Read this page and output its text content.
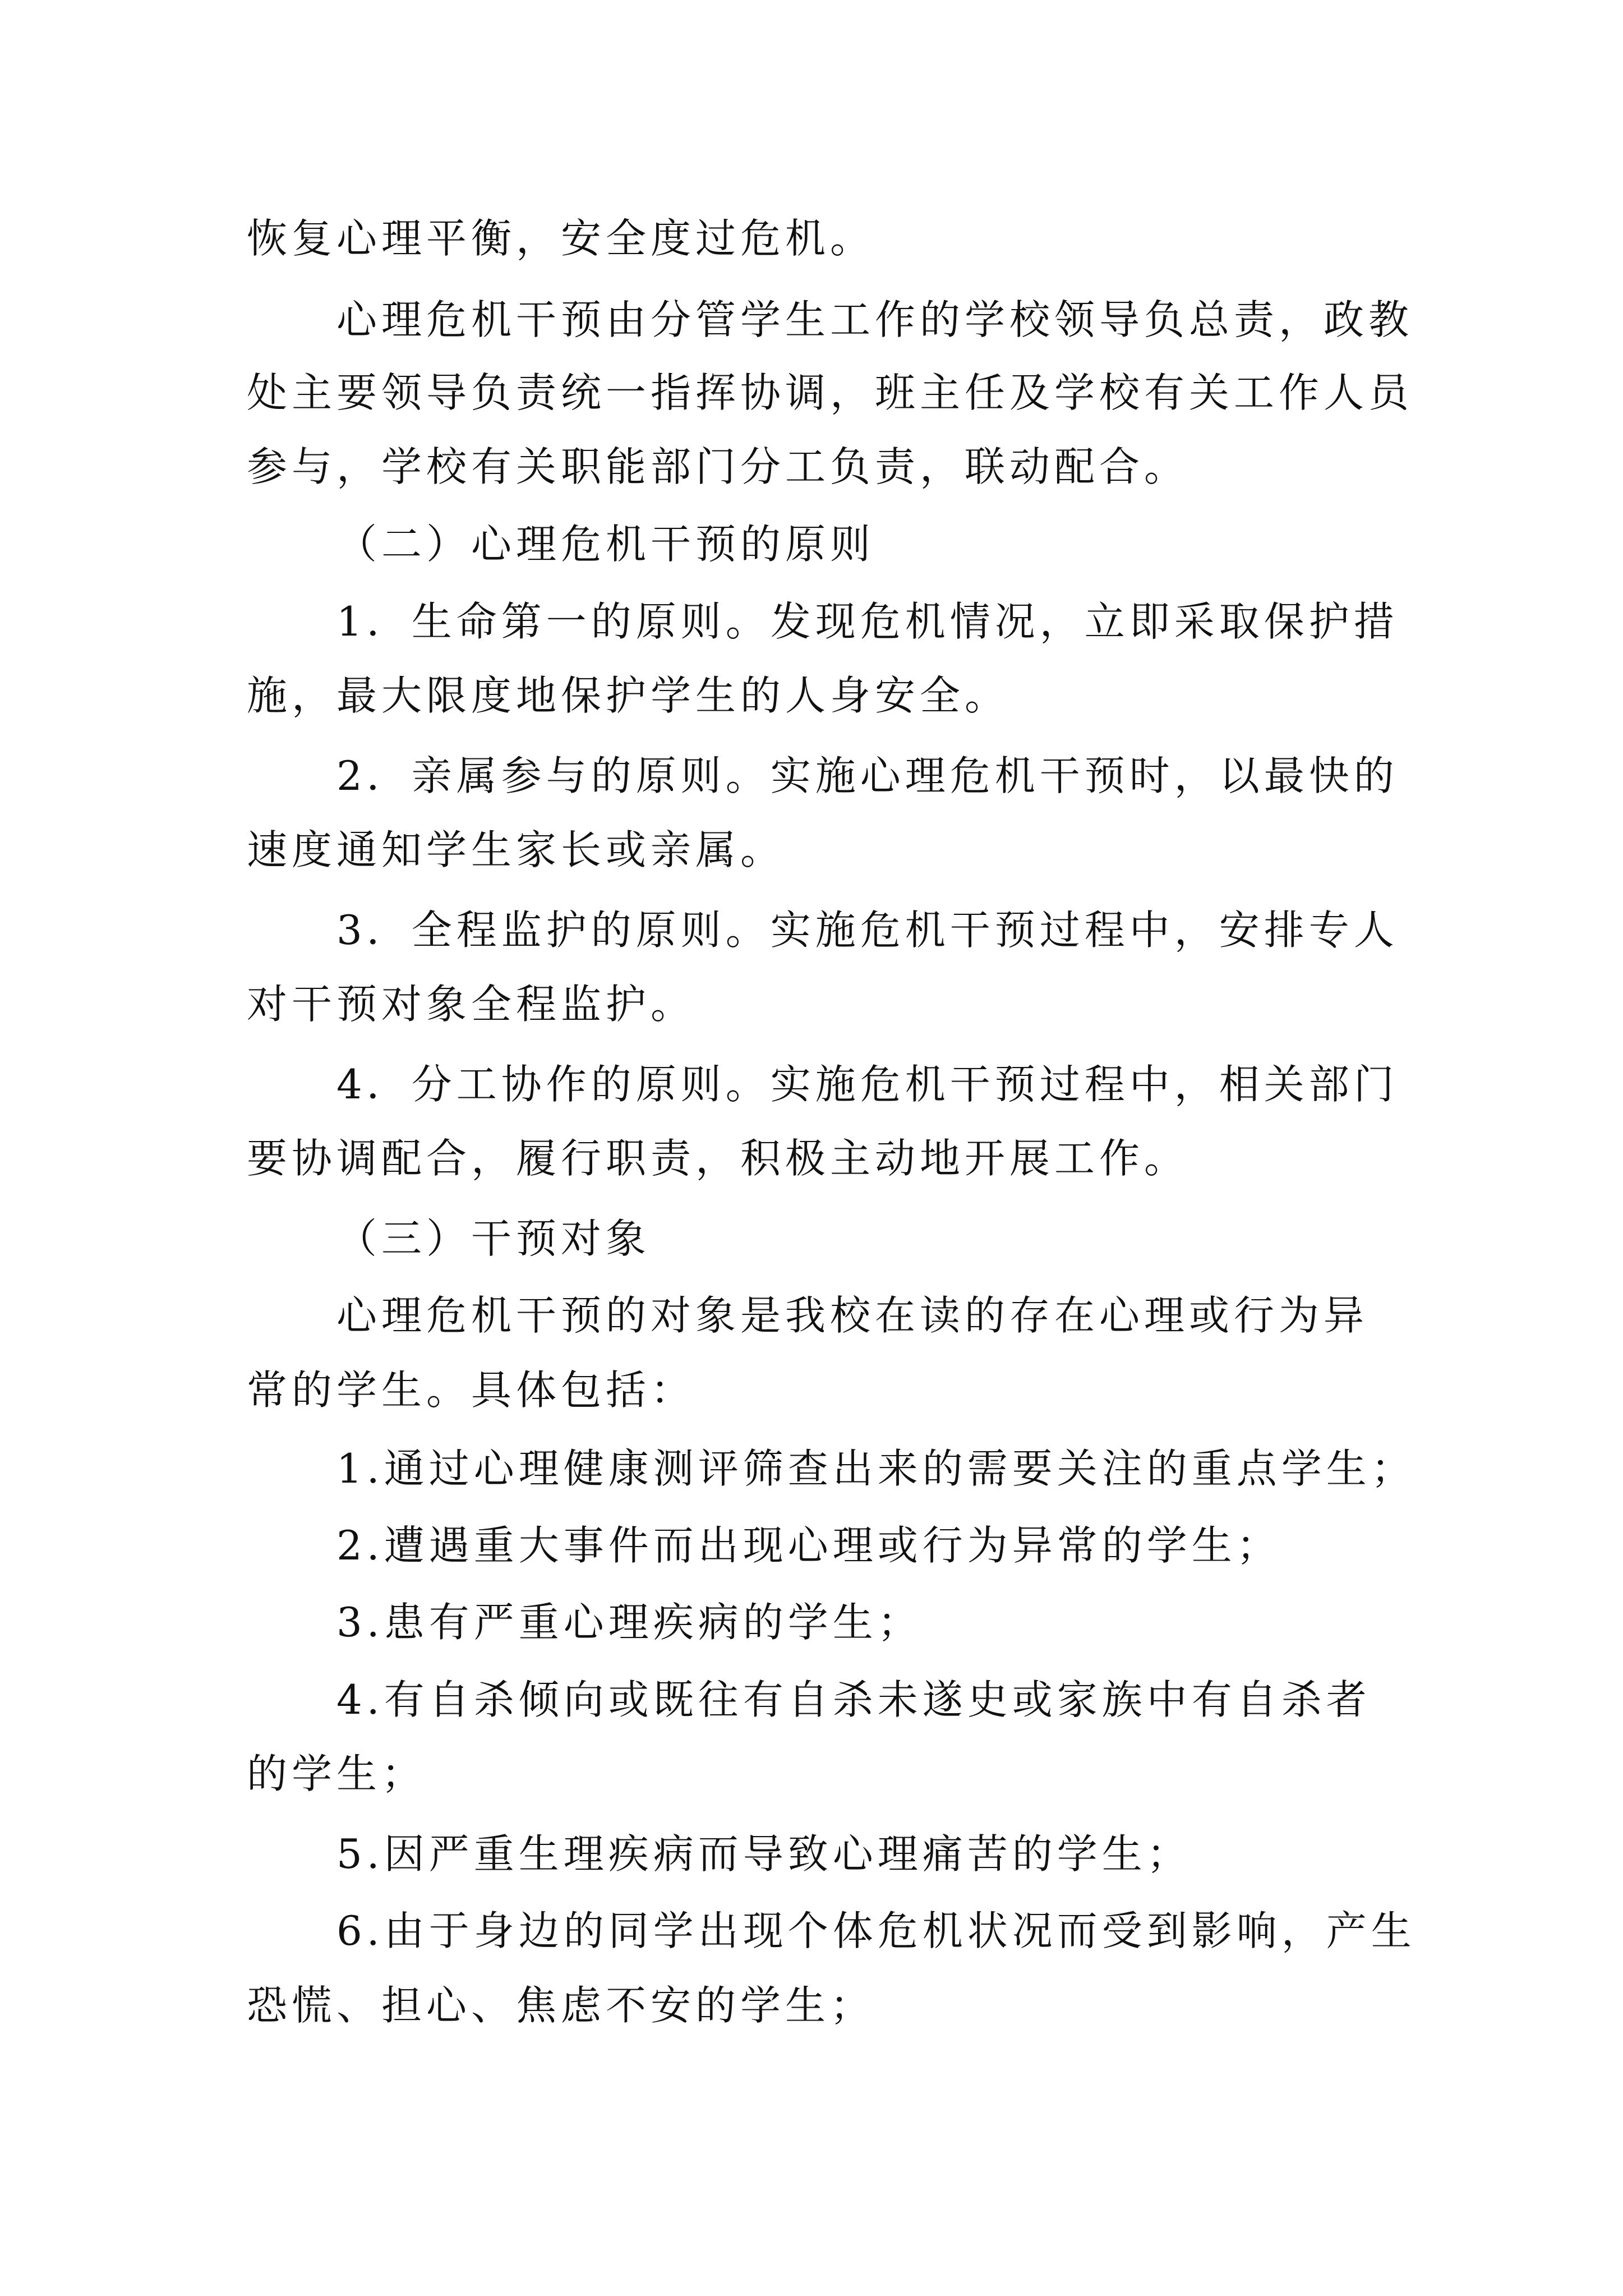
恢复心理平衡，安全度过危机。
心理危机干预由分管学生工作的学校领导负总责，政教
处主要领导负责统一指挥协调，班主任及学校有关工作人员
参与，学校有关职能部门分工负责，联动配合。
（二）心理危机干预的原则
1．生命第一的原则。发现危机情况，立即采取保护措
施，最大限度地保护学生的人身安全。
2．亲属参与的原则。实施心理危机干预时，以最快的
速度通知学生家长或亲属。
3．全程监护的原则。实施危机干预过程中，安排专人
对干预对象全程监护。
4．分工协作的原则。实施危机干预过程中，相关部门
要协调配合，履行职责，积极主动地开展工作。
（三）干预对象
心理危机干预的对象是我校在读的存在心理或行为异
常的学生。具体包括：
1.通过心理健康测评筛查出来的需要关注的重点学生；
2.遭遇重大事件而出现心理或行为异常的学生；
3.患有严重心理疾病的学生；
4.有自杀倾向或既往有自杀未遂史或家族中有自杀者
的学生；
5.因严重生理疾病而导致心理痛苦的学生；
6.由于身边的同学出现个体危机状况而受到影响，产生
恐慌、担心、焦虑不安的学生；
